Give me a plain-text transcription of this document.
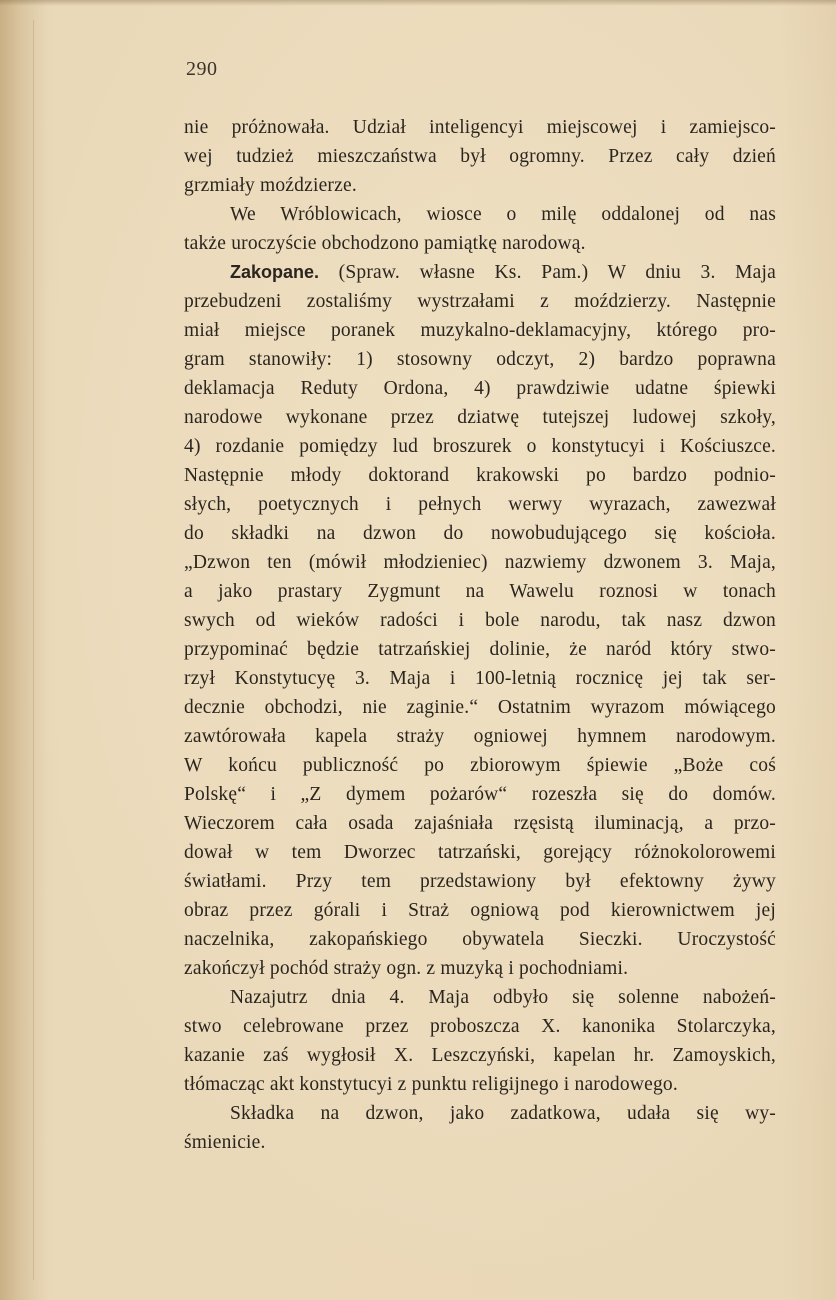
290
nie próżnowała. Udział inteligencyi miejscowej i zamiejsco-
wej tudzież mieszczaństwa był ogromny. Przez cały dzień
grzmiały moździerze.
We Wróblowicach, wiosce o milę oddalonej od nas
także uroczyście obchodzono pamiątkę narodową.
Zakopane. (Spraw. własne Ks. Pam.) W dniu 3. Maja
przebudzeni zostaliśmy wystrzałami z moździerzy. Następnie
miał miejsce poranek muzykalno-deklamacyjny, którego pro-
gram stanowiły: 1) stosowny odczyt, 2) bardzo poprawna
deklamacja Reduty Ordona, 4) prawdziwie udatne śpiewki
narodowe wykonane przez dziatwę tutejszej ludowej szkoły,
4) rozdanie pomiędzy lud broszurek o konstytucyi i Kościuszce.
Następnie młody doktorand krakowski po bardzo podnio-
słych, poetycznych i pełnych werwy wyrazach, zawezwał
do składki na dzwon do nowobudującego się kościoła.
„Dzwon ten (mówił młodzieniec) nazwiemy dzwonem 3. Maja,
a jako prastary Zygmunt na Wawelu roznosi w tonach
swych od wieków radości i bole narodu, tak nasz dzwon
przypominać będzie tatrzańskiej dolinie, że naród który stwo-
rzył Konstytucyę 3. Maja i 100-letnią rocznicę jej tak ser-
decznie obchodzi, nie zaginie.“ Ostatnim wyrazom mówiącego
zawtórowała kapela straży ogniowej hymnem narodowym.
W końcu publiczność po zbiorowym śpiewie „Boże coś
Polskę“ i „Z dymem pożarów“ rozeszła się do domów.
Wieczorem cała osada zajaśniała rzęsistą iluminacją, a przo-
dował w tem Dworzec tatrzański, gorejący różnokolorowemi
światłami. Przy tem przedstawiony był efektowny żywy
obraz przez górali i Straż ogniową pod kierownictwem jej
naczelnika, zakopańskiego obywatela Sieczki. Uroczystość
zakończył pochód straży ogn. z muzyką i pochodniami.
Nazajutrz dnia 4. Maja odbyło się solenne nabożeń-
stwo celebrowane przez proboszcza X. kanonika Stolarczyka,
kazanie zaś wygłosił X. Leszczyński, kapelan hr. Zamoyskich,
tłómacząc akt konstytucyi z punktu religijnego i narodowego.
Składka na dzwon, jako zadatkowa, udała się wy-
śmienicie.
